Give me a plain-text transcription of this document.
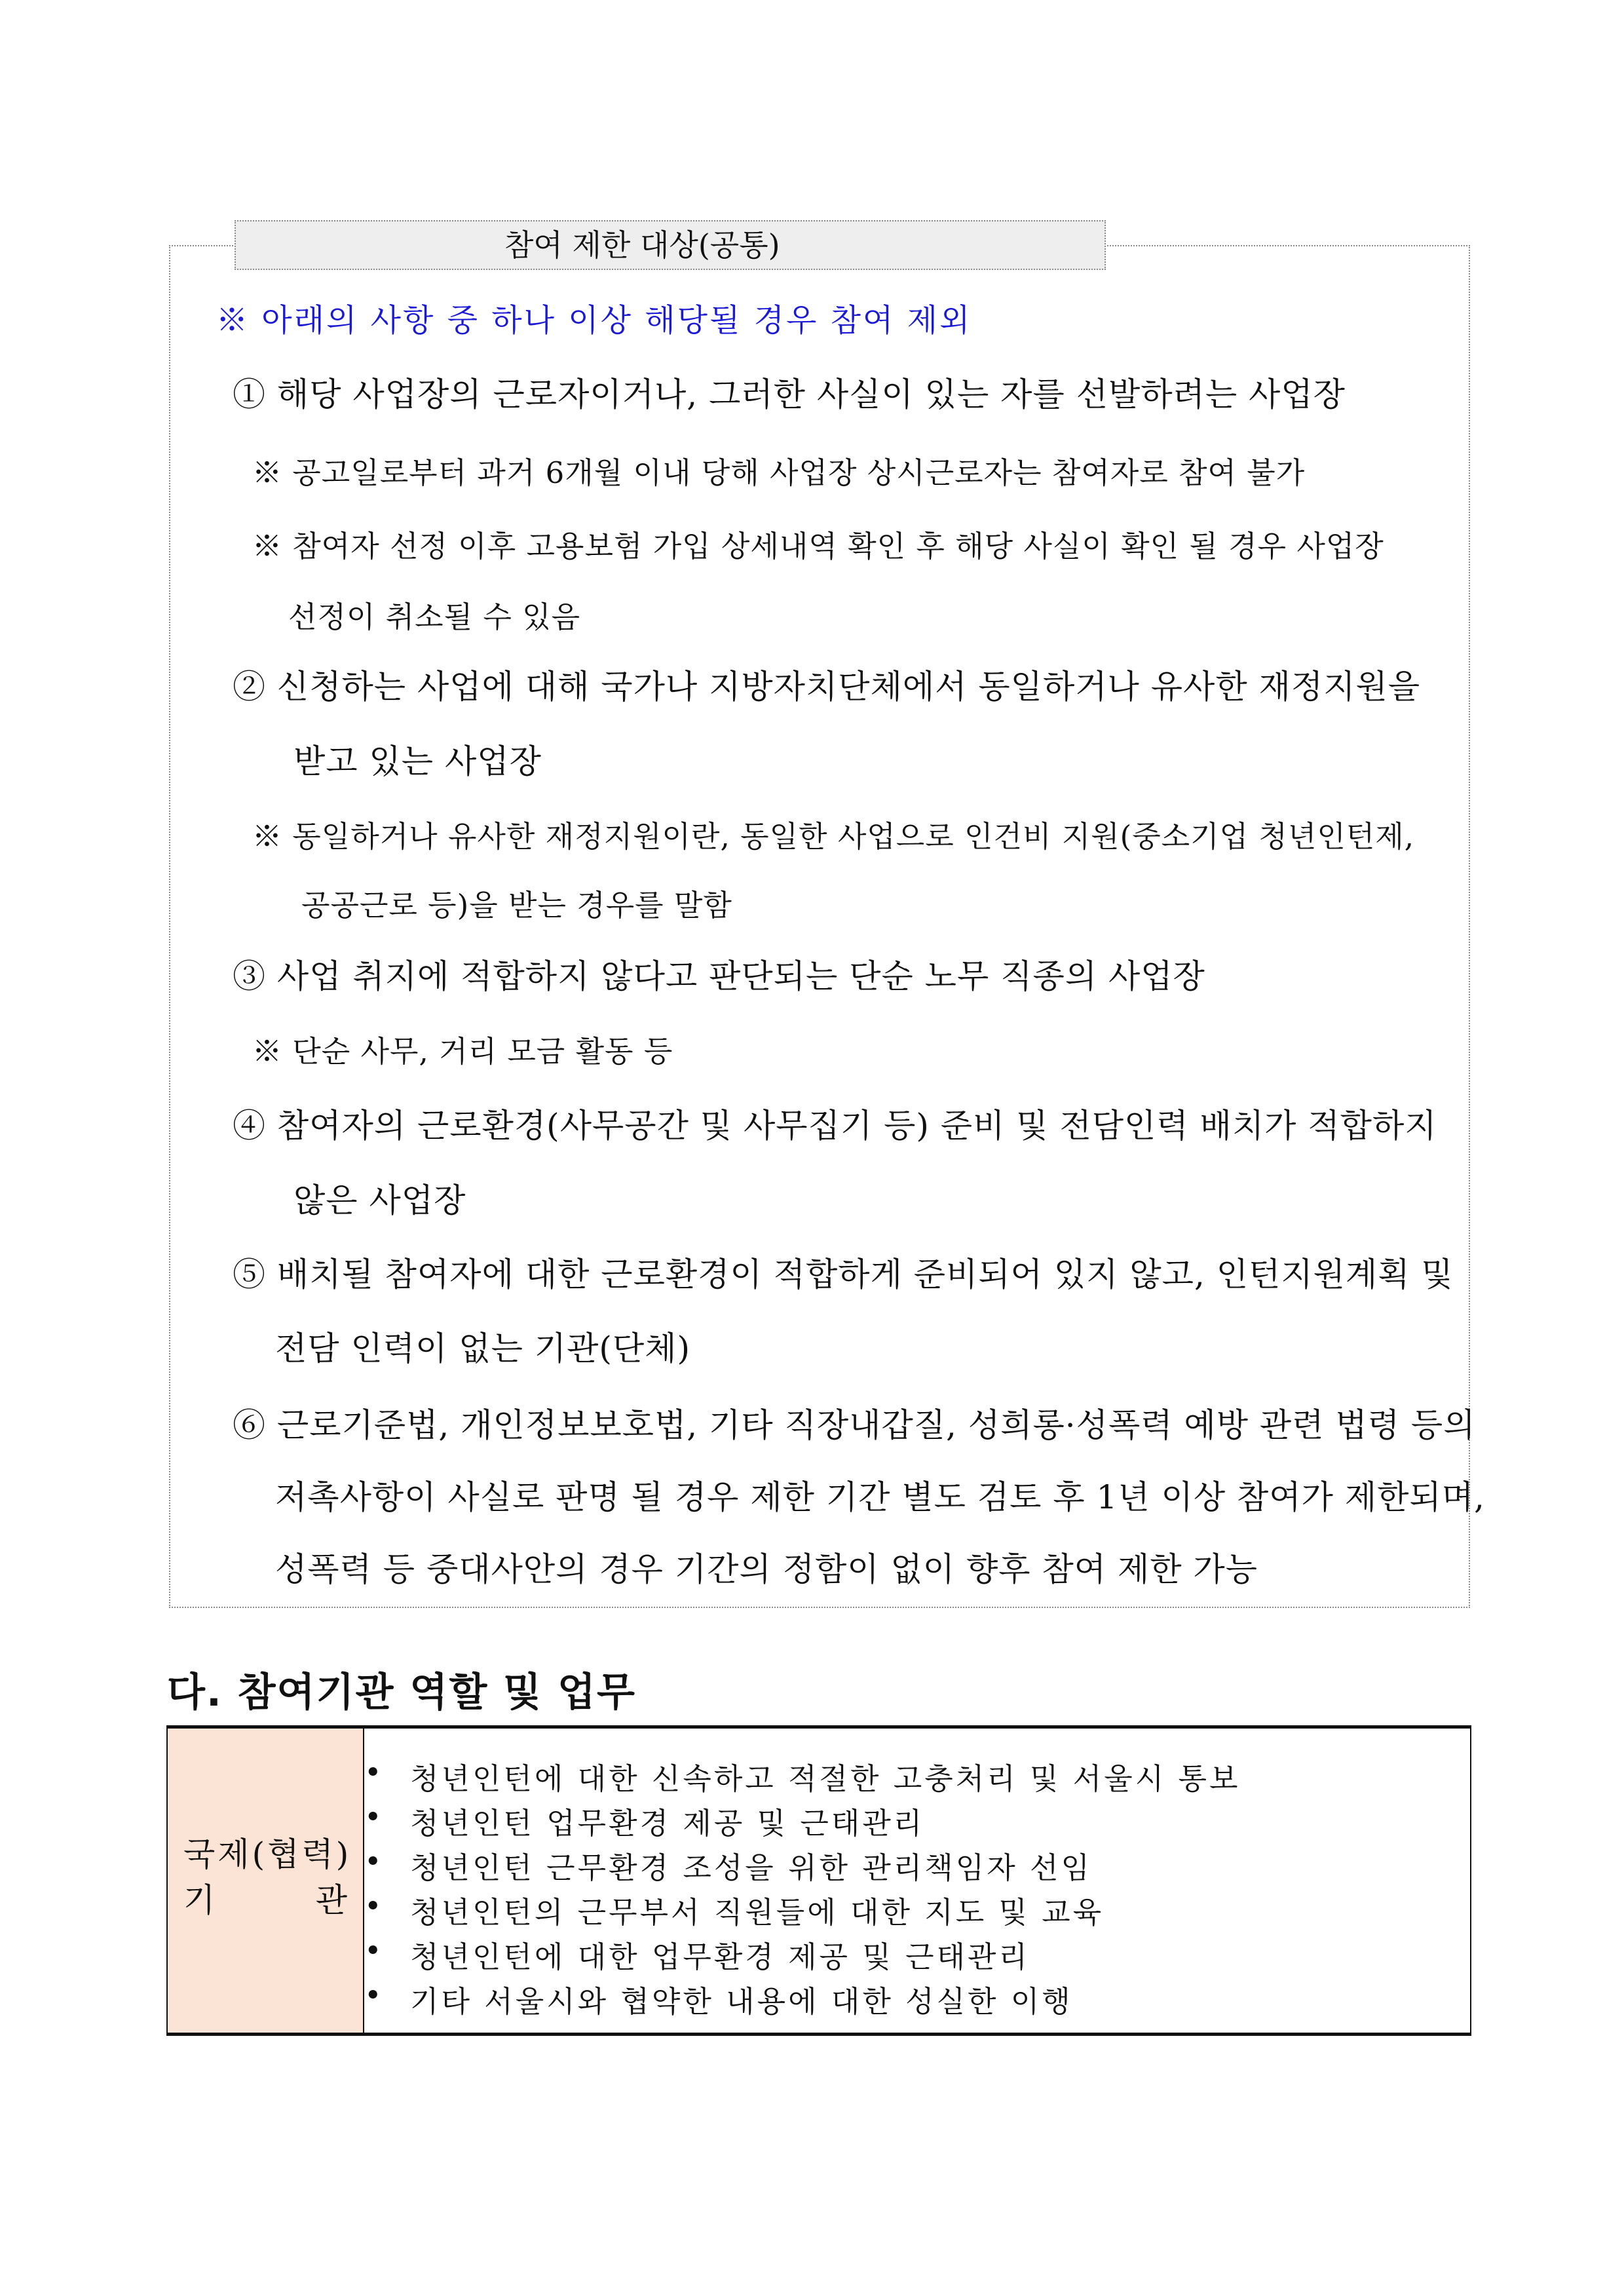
참여 제한 대상(공통)
※ 아래의 사항 중 하나 이상 해당될 경우 참여 제외
① 해당 사업장의 근로자이거나, 그러한 사실이 있는 자를 선발하려는 사업장
※ 공고일로부터 과거 6개월 이내 당해 사업장 상시근로자는 참여자로 참여 불가
※ 참여자 선정 이후 고용보험 가입 상세내역 확인 후 해당 사실이 확인 될 경우 사업장
선정이 취소될 수 있음
② 신청하는 사업에 대해 국가나 지방자치단체에서 동일하거나 유사한 재정지원을
받고 있는 사업장
※ 동일하거나 유사한 재정지원이란, 동일한 사업으로 인건비 지원(중소기업 청년인턴제,
공공근로 등)을 받는 경우를 말함
③ 사업 취지에 적합하지 않다고 판단되는 단순 노무 직종의 사업장
※ 단순 사무, 거리 모금 활동 등
④ 참여자의 근로환경(사무공간 및 사무집기 등) 준비 및 전담인력 배치가 적합하지
않은 사업장
⑤ 배치될 참여자에 대한 근로환경이 적합하게 준비되어 있지 않고, 인턴지원계획 및
전담 인력이 없는 기관(단체)
⑥ 근로기준법, 개인정보보호법, 기타 직장내갑질, 성희롱·성폭력 예방 관련 법령 등의
저촉사항이 사실로 판명 될 경우 제한 기간 별도 검토 후 1년 이상 참여가 제한되며,
성폭력 등 중대사안의 경우 기간의 정함이 없이 향후 참여 제한 가능
다. 참여기관 역할 및 업무
국제(협력)
기	관
• 청년인턴에 대한 신속하고 적절한 고충처리 및 서울시 통보
• 청년인턴 업무환경 제공 및 근태관리
• 청년인턴 근무환경 조성을 위한 관리책임자 선임
• 청년인턴의 근무부서 직원들에 대한 지도 및 교육
• 청년인턴에 대한 업무환경 제공 및 근태관리
• 기타 서울시와 협약한 내용에 대한 성실한 이행
